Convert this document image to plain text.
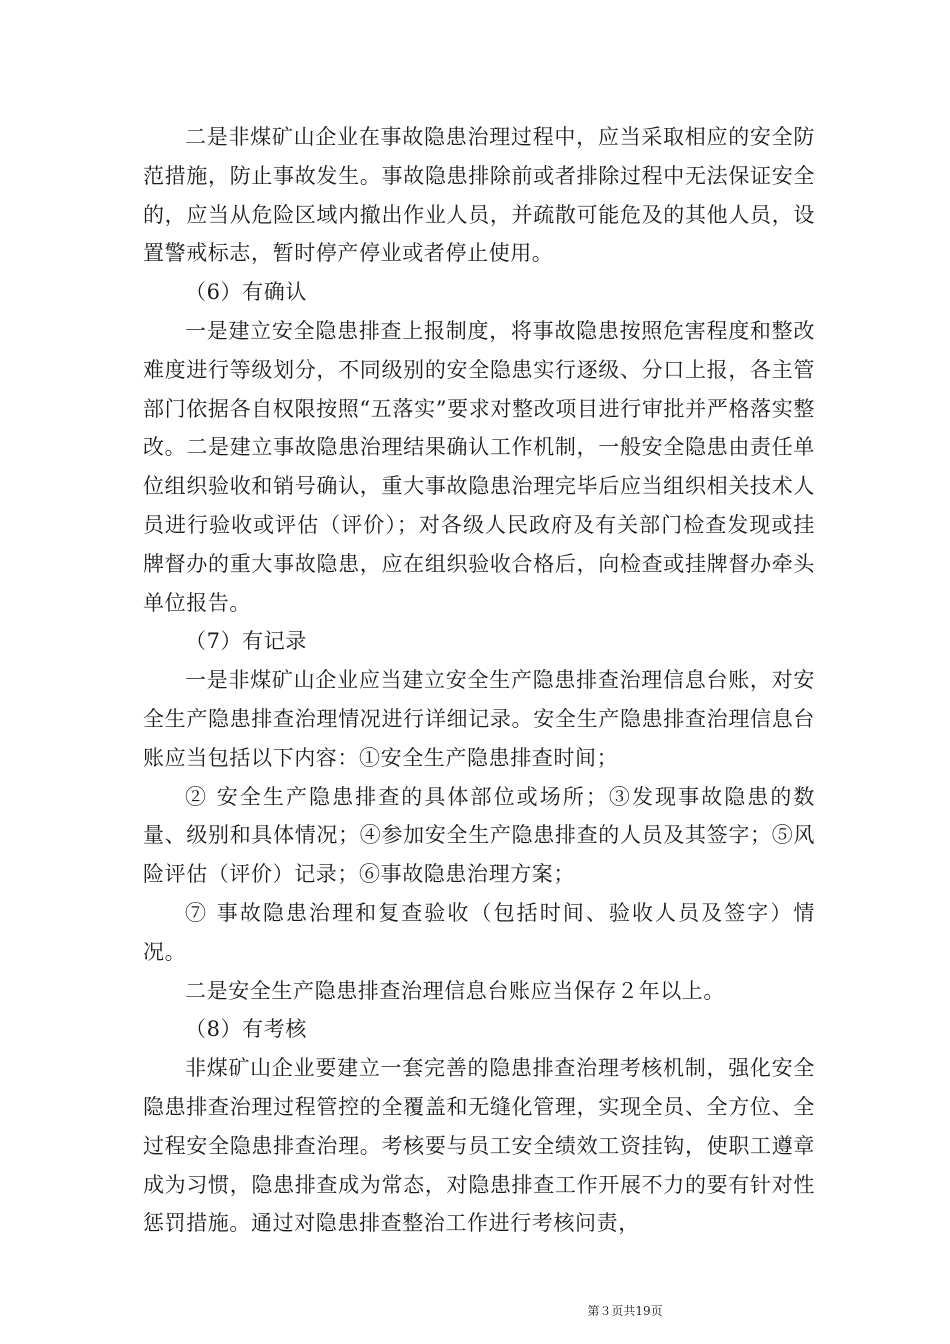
二是非煤矿山企业在事故隐患治理过程中，应当采取相应的安全防范措施，防止事故发生。事故隐患排除前或者排除过程中无法保证安全的，应当从危险区域内撤出作业人员，并疏散可能危及的其他人员，设置警戒标志，暂时停产停业或者停止使用。

（6）有确认

一是建立安全隐患排查上报制度，将事故隐患按照危害程度和整改难度进行等级划分，不同级别的安全隐患实行逐级、分口上报，各主管部门依据各自权限按照“五落实”要求对整改项目进行审批并严格落实整改。二是建立事故隐患治理结果确认工作机制，一般安全隐患由责任单位组织验收和销号确认，重大事故隐患治理完毕后应当组织相关技术人员进行验收或评估（评价）；对各级人民政府及有关部门检查发现或挂牌督办的重大事故隐患，应在组织验收合格后，向检查或挂牌督办牵头单位报告。

（7）有记录

一是非煤矿山企业应当建立安全生产隐患排查治理信息台账，对安全生产隐患排查治理情况进行详细记录。安全生产隐患排查治理信息台账应当包括以下内容：①安全生产隐患排查时间；

② 安全生产隐患排查的具体部位或场所；③发现事故隐患的数量、级别和具体情况；④参加安全生产隐患排查的人员及其签字；⑤风险评估（评价）记录；⑥事故隐患治理方案；

⑦ 事故隐患治理和复查验收（包括时间、验收人员及签字）情况。

二是安全生产隐患排查治理信息台账应当保存２年以上。

（8）有考核

非煤矿山企业要建立一套完善的隐患排查治理考核机制，强化安全隐患排查治理过程管控的全覆盖和无缝化管理，实现全员、全方位、全过程安全隐患排查治理。考核要与员工安全绩效工资挂钩，使职工遵章成为习惯，隐患排查成为常态，对隐患排查工作开展不力的要有针对性惩罚措施。通过对隐患排查整治工作进行考核问责，

第３页共19页
